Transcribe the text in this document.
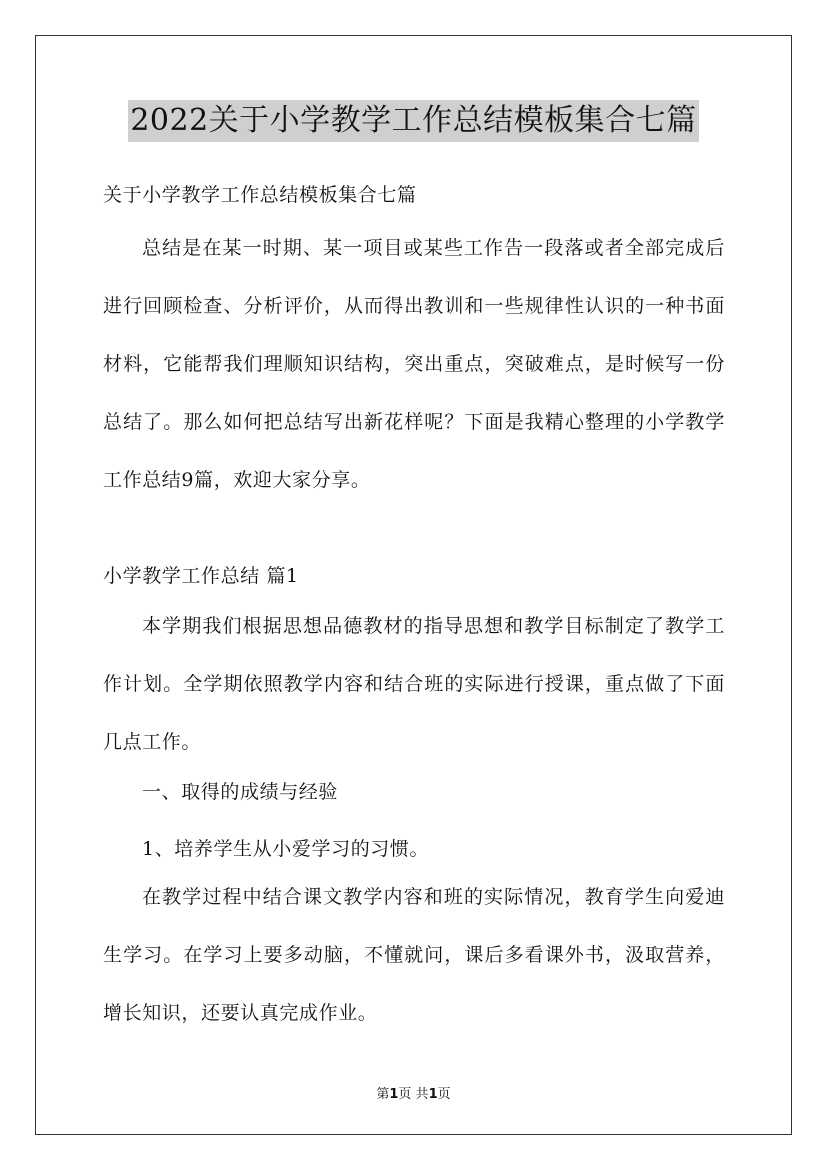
2022关于小学教学工作总结模板集合七篇

关于小学教学工作总结模板集合七篇

总结是在某一时期、某一项目或某些工作告一段落或者全部完成后进行回顾检查、分析评价，从而得出教训和一些规律性认识的一种书面材料，它能帮我们理顺知识结构，突出重点，突破难点，是时候写一份总结了。那么如何把总结写出新花样呢？下面是我精心整理的小学教学工作总结9篇，欢迎大家分享。

小学教学工作总结 篇1

本学期我们根据思想品德教材的指导思想和教学目标制定了教学工作计划。全学期依照教学内容和结合班的实际进行授课，重点做了下面几点工作。

一、取得的成绩与经验

1、培养学生从小爱学习的习惯。

在教学过程中结合课文教学内容和班的实际情况，教育学生向爱迪生学习。在学习上要多动脑，不懂就问，课后多看课外书，汲取营养，增长知识，还要认真完成作业。

第1页 共1页
